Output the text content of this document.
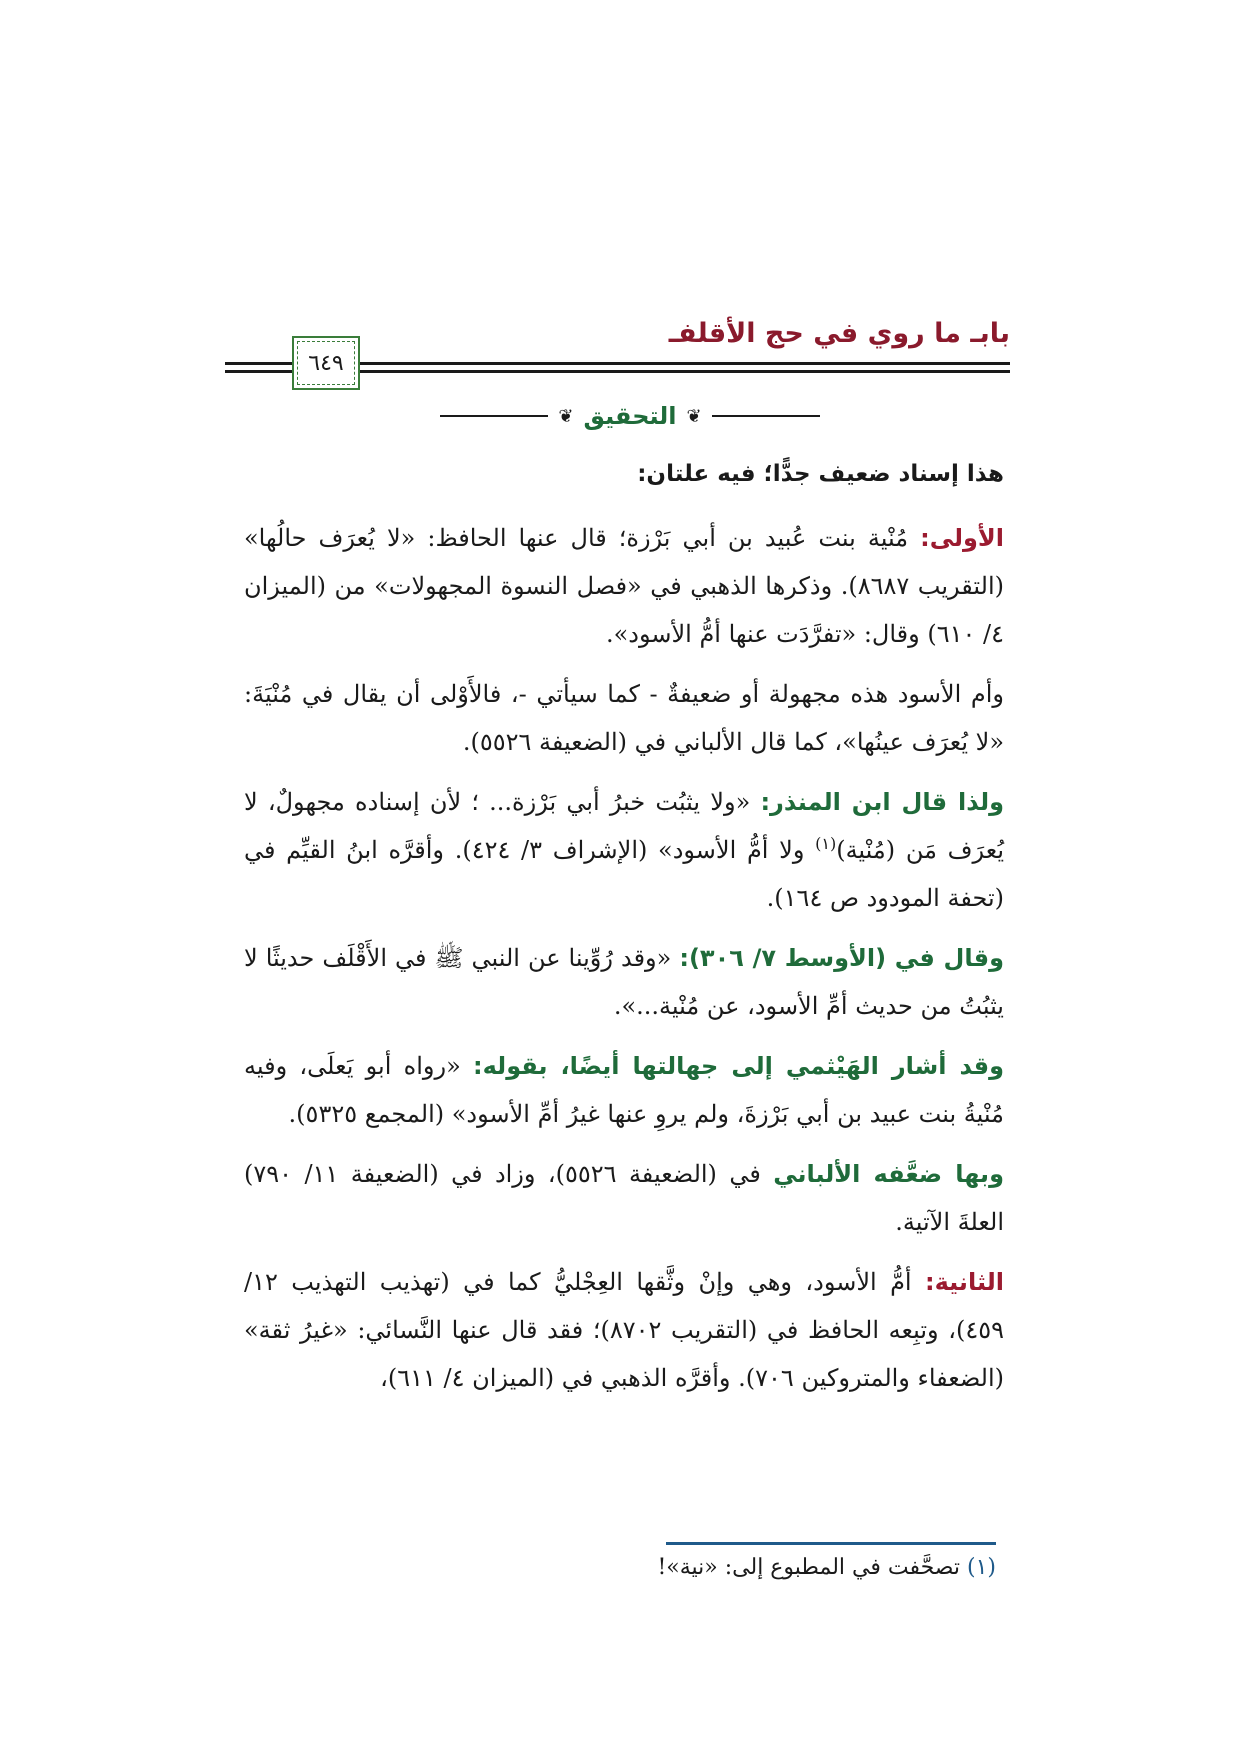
بابـ ما روي في حج الأقلفـ
٦٤٩
❦ التحقيق ❦

هذا إسناد ضعيف جدًّا؛ فيه علتان:

الأولى: مُنْية بنت عُبيد بن أبي بَرْزة؛ قال عنها الحافظ: «لا يُعرَف حالُها» (التقريب ٨٦٨٧). وذكرها الذهبي في «فصل النسوة المجهولات» من (الميزان ٤/ ٦١٠) وقال: «تفرَّدَت عنها أمُّ الأسود».

وأم الأسود هذه مجهولة أو ضعيفةٌ - كما سيأتي -، فالأَوْلى أن يقال في مُنْيَةَ: «لا يُعرَف عينُها»، كما قال الألباني في (الضعيفة ٥٥٢٦).

ولذا قال ابن المنذر: «ولا يثبُت خبرُ أبي بَرْزة... ؛ لأن إسناده مجهولٌ، لا يُعرَف مَن (مُنْية)$^{(١)}$ ولا أمُّ الأسود» (الإشراف ٣/ ٤٢٤). وأقرَّه ابنُ القيِّم في (تحفة المودود ص ١٦٤).

وقال في (الأوسط ٧/ ٣٠٦): «وقد رُوِّينا عن النبي ﷺ في الأَقْلَف حديثًا لا يثبُتُ من حديث أمِّ الأسود، عن مُنْية...».

وقد أشار الهَيْثمي إلى جهالتها أيضًا، بقوله: «رواه أبو يَعلَى، وفيه مُنْيةُ بنت عبيد بن أبي بَرْزةَ، ولم يروِ عنها غيرُ أمِّ الأسود» (المجمع ٥٣٢٥).

وبها ضعَّفه الألباني في (الضعيفة ٥٥٢٦)، وزاد في (الضعيفة ١١/ ٧٩٠) العلةَ الآتية.

الثانية: أمُّ الأسود، وهي وإنْ وثَّقها العِجْليُّ كما في (تهذيب التهذيب ١٢/ ٤٥٩)، وتبِعه الحافظ في (التقريب ٨٧٠٢)؛ فقد قال عنها النَّسائي: «غيرُ ثقة» (الضعفاء والمتروكين ٧٠٦). وأقرَّه الذهبي في (الميزان ٤/ ٦١١)،

(١) تصحَّفت في المطبوع إلى: «نية»!
